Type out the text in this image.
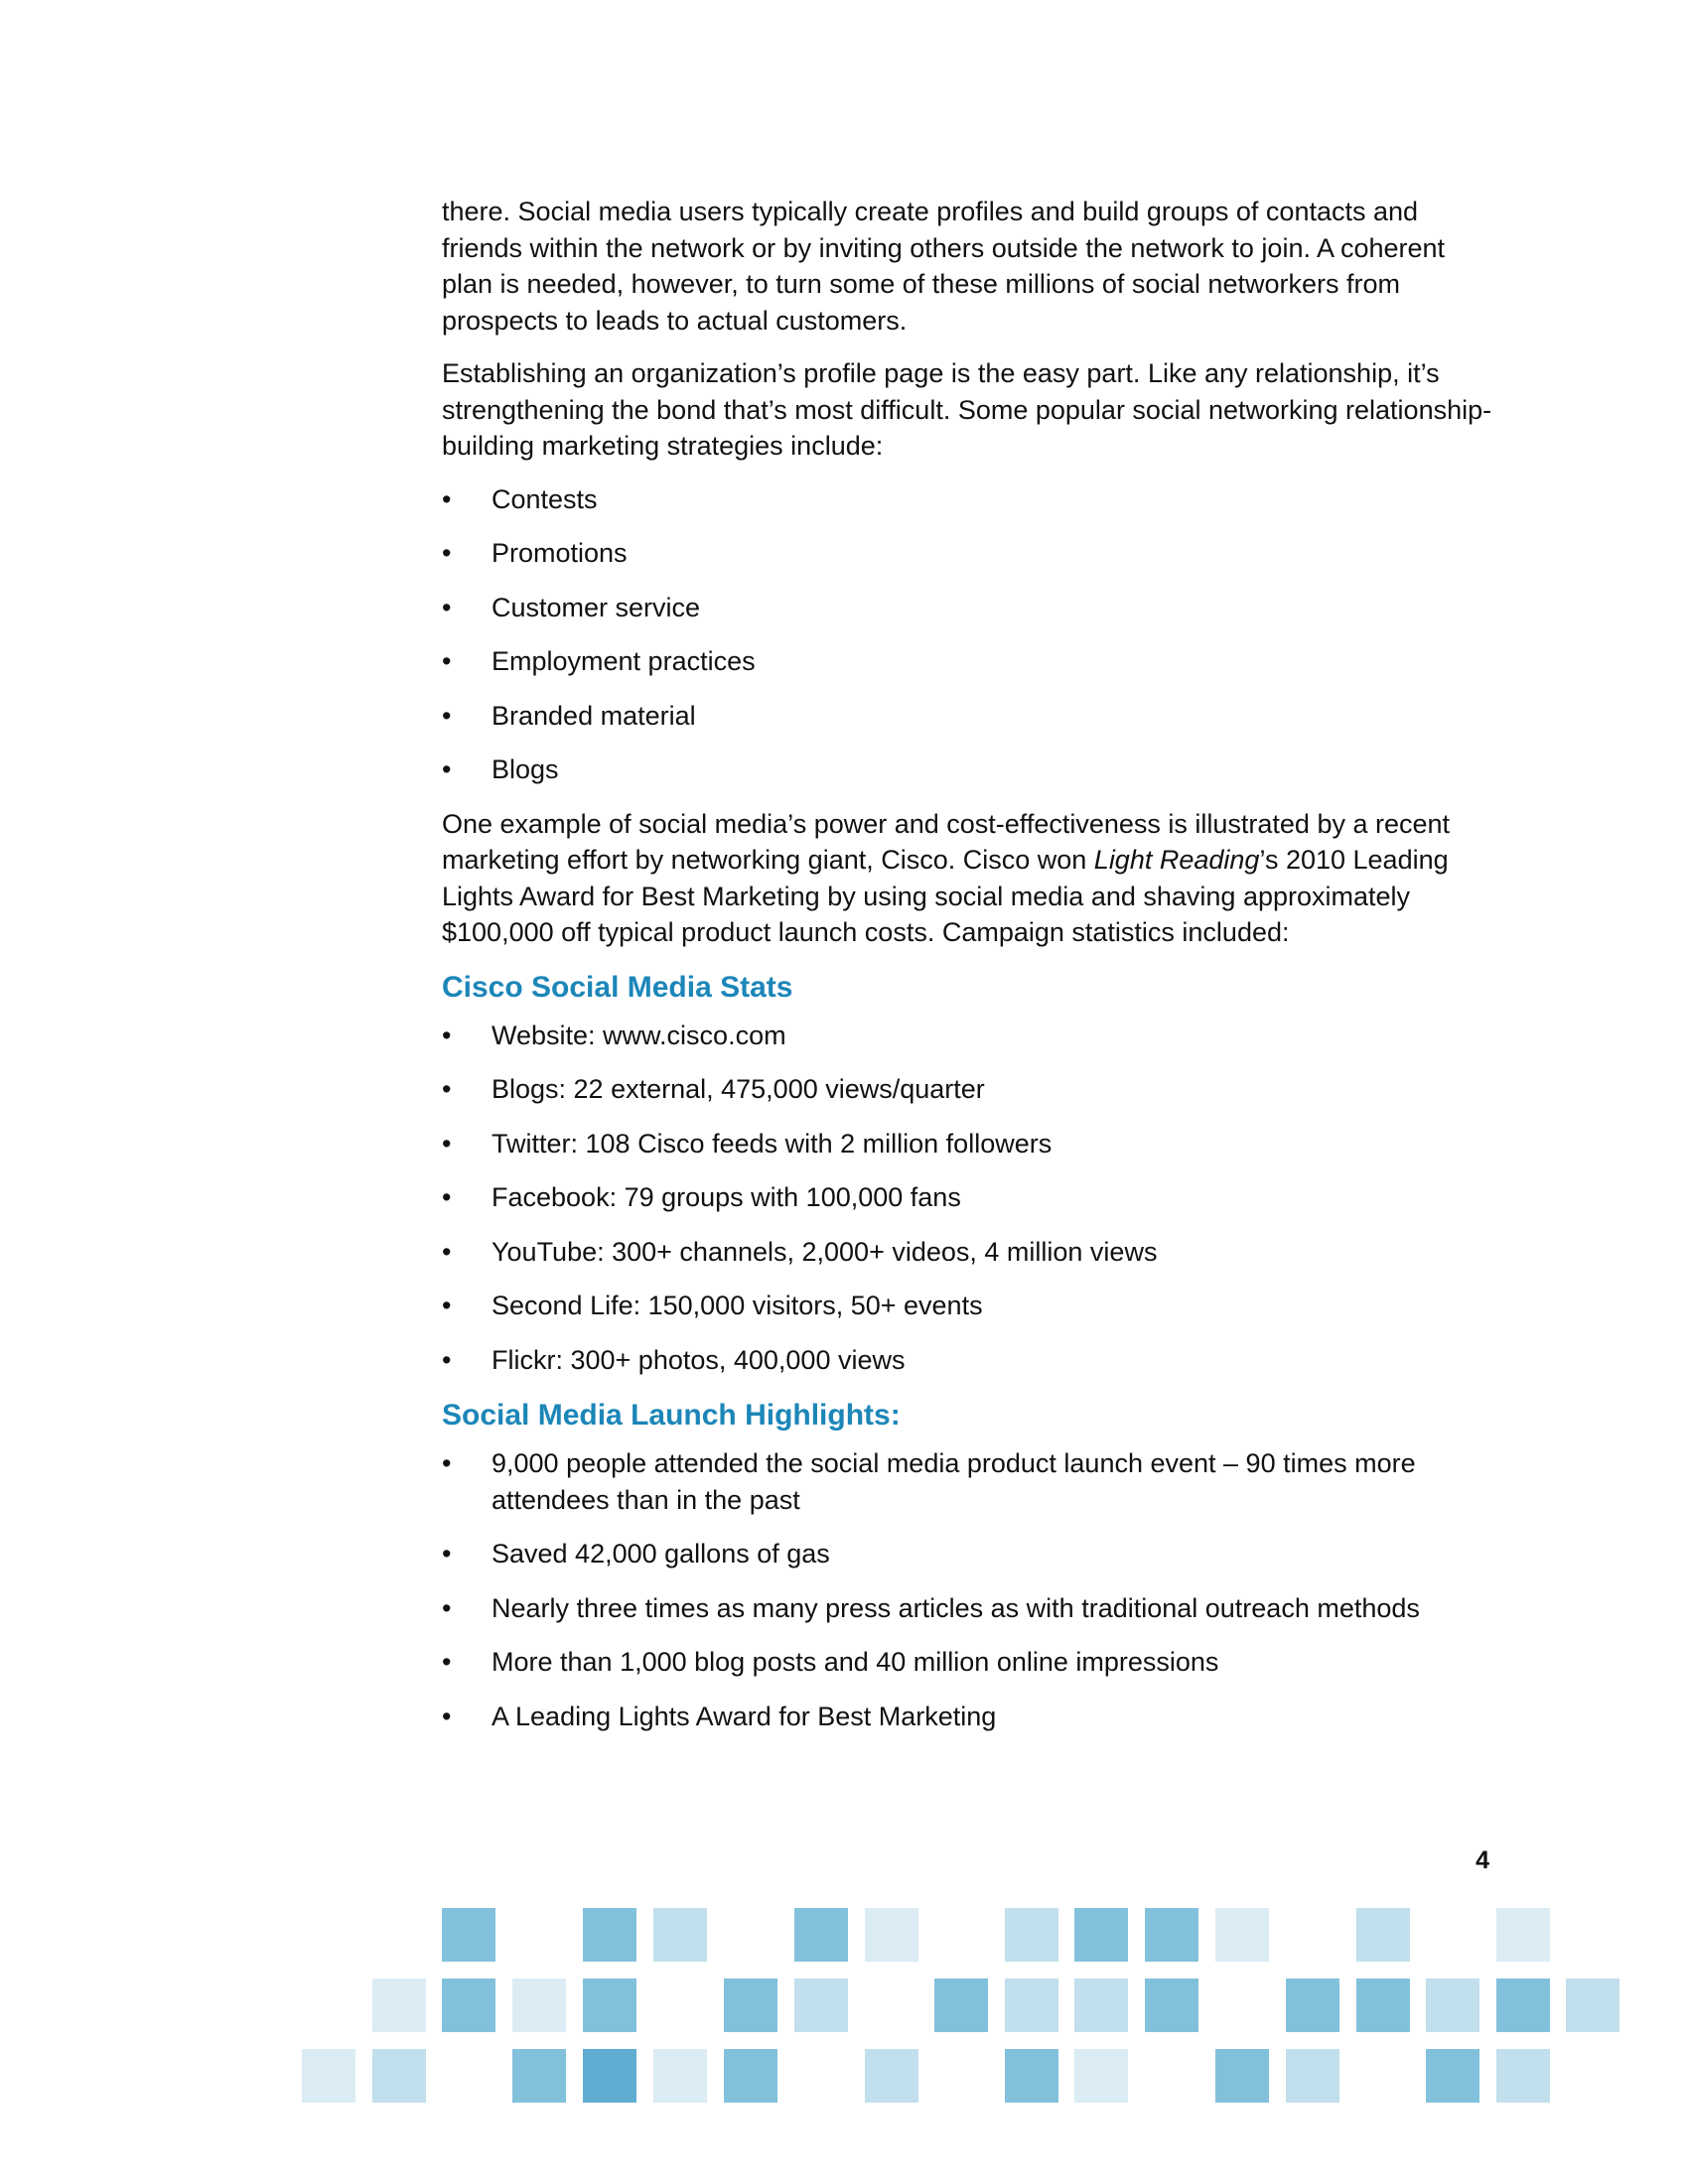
there. Social media users typically create profiles and build groups of contacts and friends within the network or by inviting others outside the network to join. A coherent plan is needed, however, to turn some of these millions of social networkers from prospects to leads to actual customers.

Establishing an organization’s profile page is the easy part. Like any relationship, it’s strengthening the bond that’s most difficult. Some popular social networking relationship-building marketing strategies include:

• Contests
• Promotions
• Customer service
• Employment practices
• Branded material
• Blogs

One example of social media’s power and cost-effectiveness is illustrated by a recent marketing effort by networking giant, Cisco. Cisco won Light Reading’s 2010 Leading Lights Award for Best Marketing by using social media and shaving approximately $100,000 off typical product launch costs. Campaign statistics included:

Cisco Social Media Stats
• Website: www.cisco.com
• Blogs: 22 external, 475,000 views/quarter
• Twitter: 108 Cisco feeds with 2 million followers
• Facebook: 79 groups with 100,000 fans
• YouTube: 300+ channels, 2,000+ videos, 4 million views
• Second Life: 150,000 visitors, 50+ events
• Flickr: 300+ photos, 400,000 views
Social Media Launch Highlights:
• 9,000 people attended the social media product launch event – 90 times more attendees than in the past
• Saved 42,000 gallons of gas
• Nearly three times as many press articles as with traditional outreach methods
• More than 1,000 blog posts and 40 million online impressions
• A Leading Lights Award for Best Marketing
4
